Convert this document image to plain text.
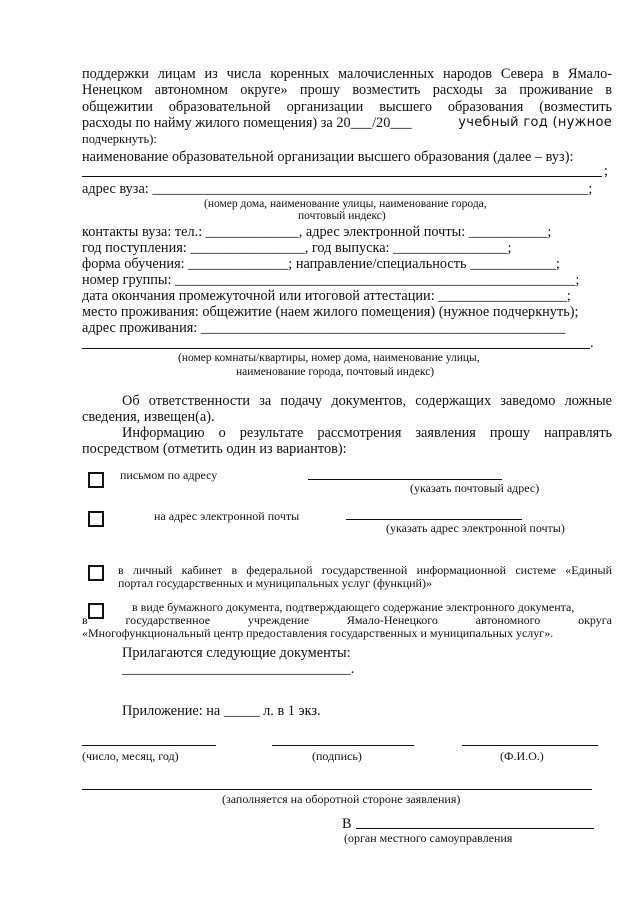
поддержки лицам из числа коренных малочисленных народов Севера в Ямало-
Ненецком автономном округе» прошу возместить расходы за проживание в
общежитии образовательной организации высшего образования (возместить
расходы по найму жилого помещения) за 20___/20___	учебный год (нужное
подчеркнуть):
наименование образовательной организации высшего образования (далее – вуз):
;
адрес вуза: _____________________________________________________________;
(номер дома, наименование улицы, наименование города,
почтовый индекс)
контакты вуза: тел.: _____________, адрес электронной почты: ___________;
год поступления: ________________, год выпуска: ________________;
форма обучения: ______________; направление/специальность ____________;
номер группы: ________________________________________________________;
дата окончания промежуточной или итоговой аттестации: __________________;
место проживания: общежитие (наем жилого помещения) (нужное подчеркнуть);
адрес проживания: ___________________________________________________
.
(номер комнаты/квартиры, номер дома, наименование улицы,
наименование города, почтовый индекс)
Об ответственности за подачу документов, содержащих заведомо ложные
сведения, извещен(а).
Информацию о результате рассмотрения заявления прошу направлять
посредством (отметить один из вариантов):
письмом по адресу
(указать почтовый адрес)
на адрес электронной почты
(указать адрес электронной почты)
в личный кабинет в федеральной государственной информационной системе «Единый
портал государственных и муниципальных услуг (функций)»
в виде бумажного документа, подтверждающего содержание электронного документа,
в государственное учреждение Ямало-Ненецкого автономного округа
«Многофункциональный центр предоставления государственных и муниципальных услуг».
Прилагаются следующие документы:
________________________________.
Приложение: на _____ л. в 1 экз.
(число, месяц, год)	(подпись)	(Ф.И.О.)
(заполняется на оборотной стороне заявления)
В
(орган местного самоуправления
